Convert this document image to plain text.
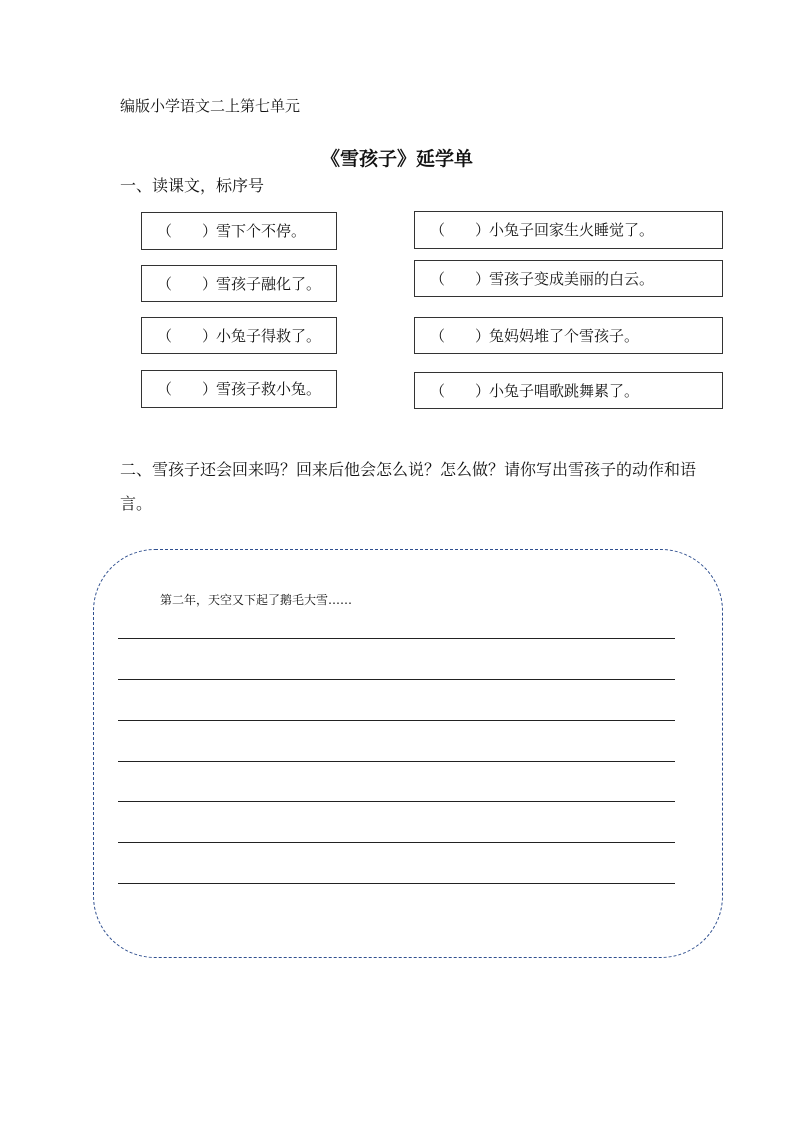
编版小学语文二上第七单元
《雪孩子》延学单
一、读课文，标序号
（ ）
雪下个不停。
（ ）
雪孩子融化了。
（ ）
小兔子得救了。
（ ）
雪孩子救小兔。
（ ）
小兔子回家生火睡觉了。
（ ）
雪孩子变成美丽的白云。
（ ）
兔妈妈堆了个雪孩子。
（ ）
小兔子唱歌跳舞累了。
二、雪孩子还会回来吗？回来后他会怎么说？怎么做？请你写出雪孩子的动作和语言。
第二年，天空又下起了鹅毛大雪……
